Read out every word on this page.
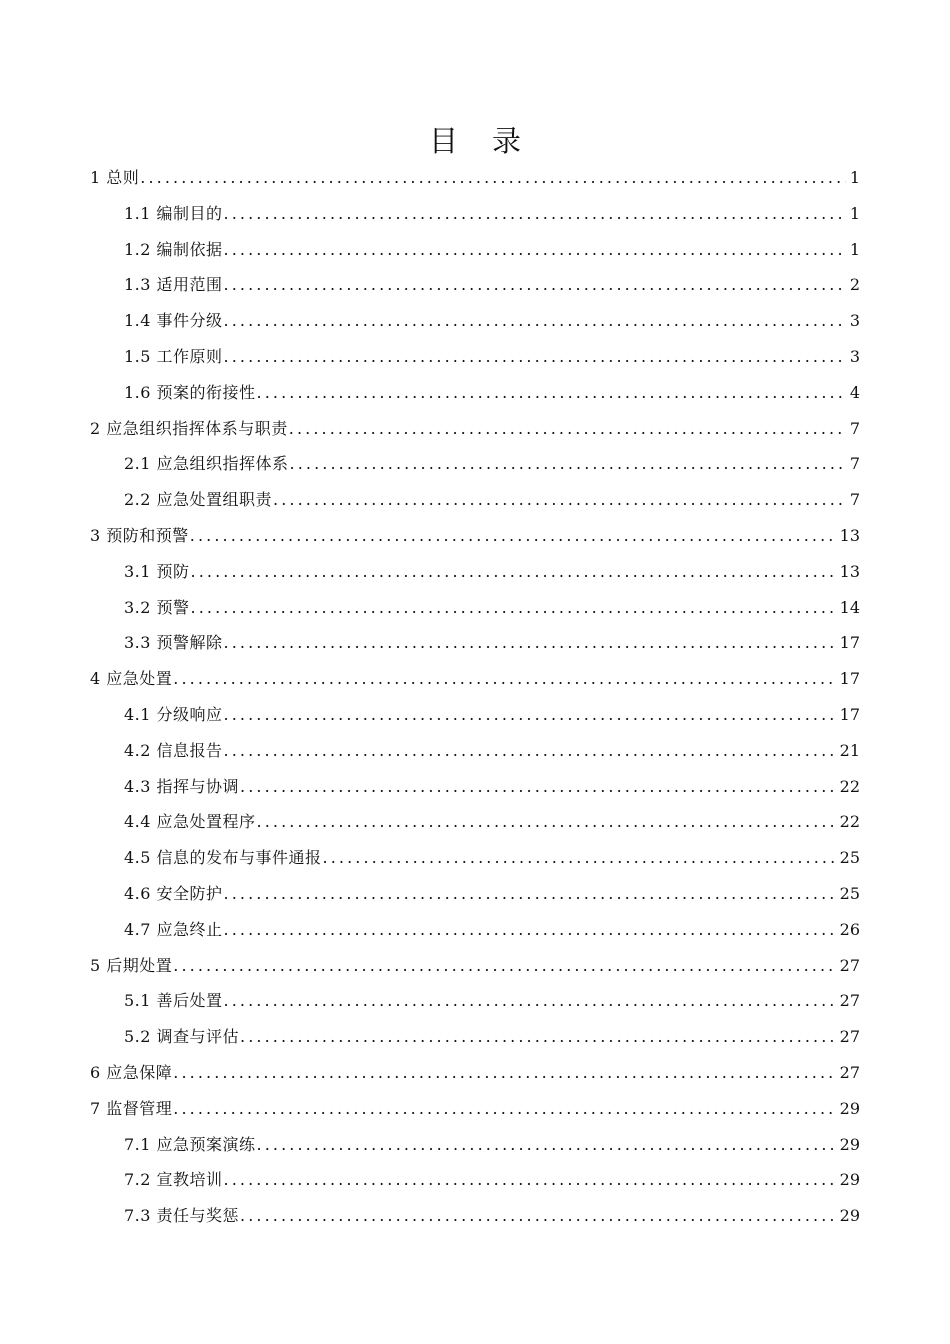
目录
1 总则 .....	1
1.1 编制目的 .....	1
1.2 编制依据 .....	1
1.3 适用范围 .....	2
1.4 事件分级 .....	3
1.5 工作原则 .....	3
1.6 预案的衔接性 .....	4
2 应急组织指挥体系与职责 .....	7
2.1 应急组织指挥体系 .....	7
2.2 应急处置组职责 .....	7
3 预防和预警 .....	13
3.1 预防 .....	13
3.2 预警 .....	14
3.3 预警解除 .....	17
4 应急处置 .....	17
4.1 分级响应 .....	17
4.2 信息报告 .....	21
4.3 指挥与协调 .....	22
4.4 应急处置程序 .....	22
4.5 信息的发布与事件通报 .....	25
4.6 安全防护 .....	25
4.7 应急终止 .....	26
5 后期处置 .....	27
5.1 善后处置 .....	27
5.2 调查与评估 .....	27
6 应急保障 .....	27
7 监督管理 .....	29
7.1 应急预案演练 .....	29
7.2 宣教培训 .....	29
7.3 责任与奖惩 .....	29
